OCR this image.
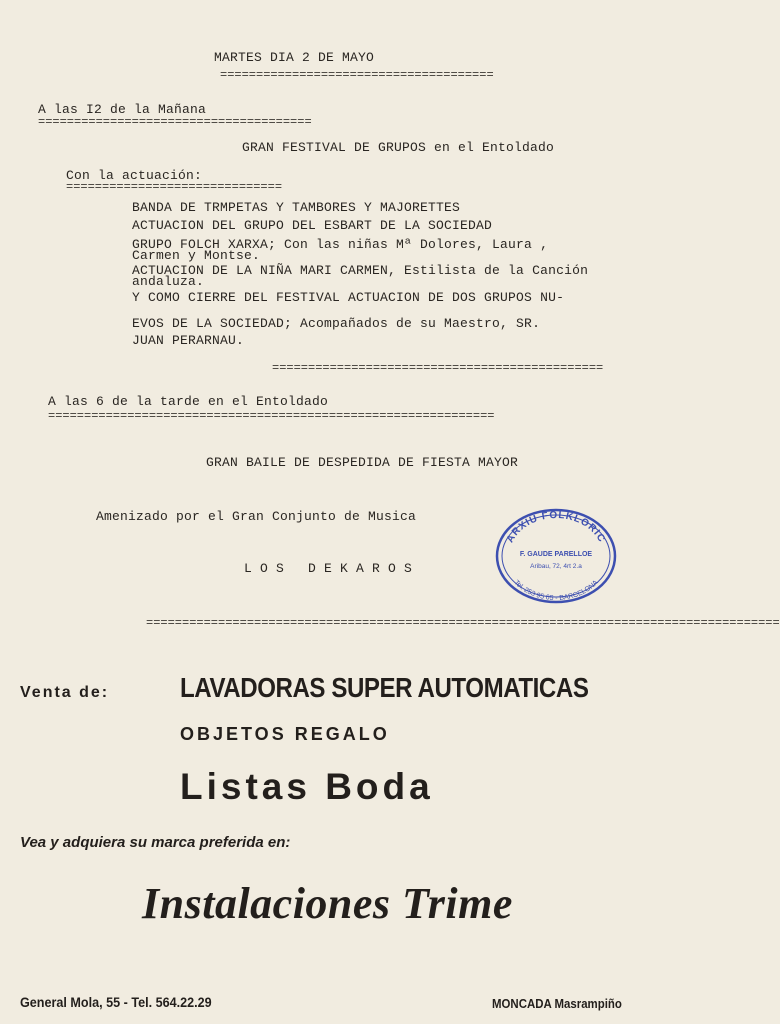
MARTES DIA 2 DE MAYO
======================================
A las I2 de la Mañana
======================================
GRAN FESTIVAL DE GRUPOS en el Entoldado
Con la actuación:
==============================
BANDA DE TRMPETAS Y TAMBORES Y MAJORETTES
ACTUACION DEL GRUPO DEL ESBART DE LA SOCIEDAD
GRUPO FOLCH XARXA; Con las niñas Mª Dolores, Laura ,
Carmen y Montse.
ACTUACION DE LA NIÑA MARI CARMEN, Estilista de la Canción
andaluza.
Y COMO CIERRE DEL FESTIVAL ACTUACION DE DOS GRUPOS NU-
EVOS DE LA SOCIEDAD; Acompañados de su Maestro, SR.
JUAN PERARNAU.
==============================================
A las 6 de la tarde en el Entoldado
==============================================================
GRAN BAILE DE DESPEDIDA DE FIESTA MAYOR
Amenizado por el Gran Conjunto de Musica
L O S   D E K A R O S
========================================================================================
ARXIU FOLKLORIC
F. GAUDE PARELLOE
Aribau, 72, 4rt 2.a
Tel. 253 95 65 - BARCELONA
Venta de:	LAVADORAS SUPER AUTOMATICAS
OBJETOS REGALO
Listas Boda
Vea y adquiera su marca preferida en:
Instalaciones Trime
General Mola, 55 - Tel. 564.22.29	MONCADA Masrampiño
